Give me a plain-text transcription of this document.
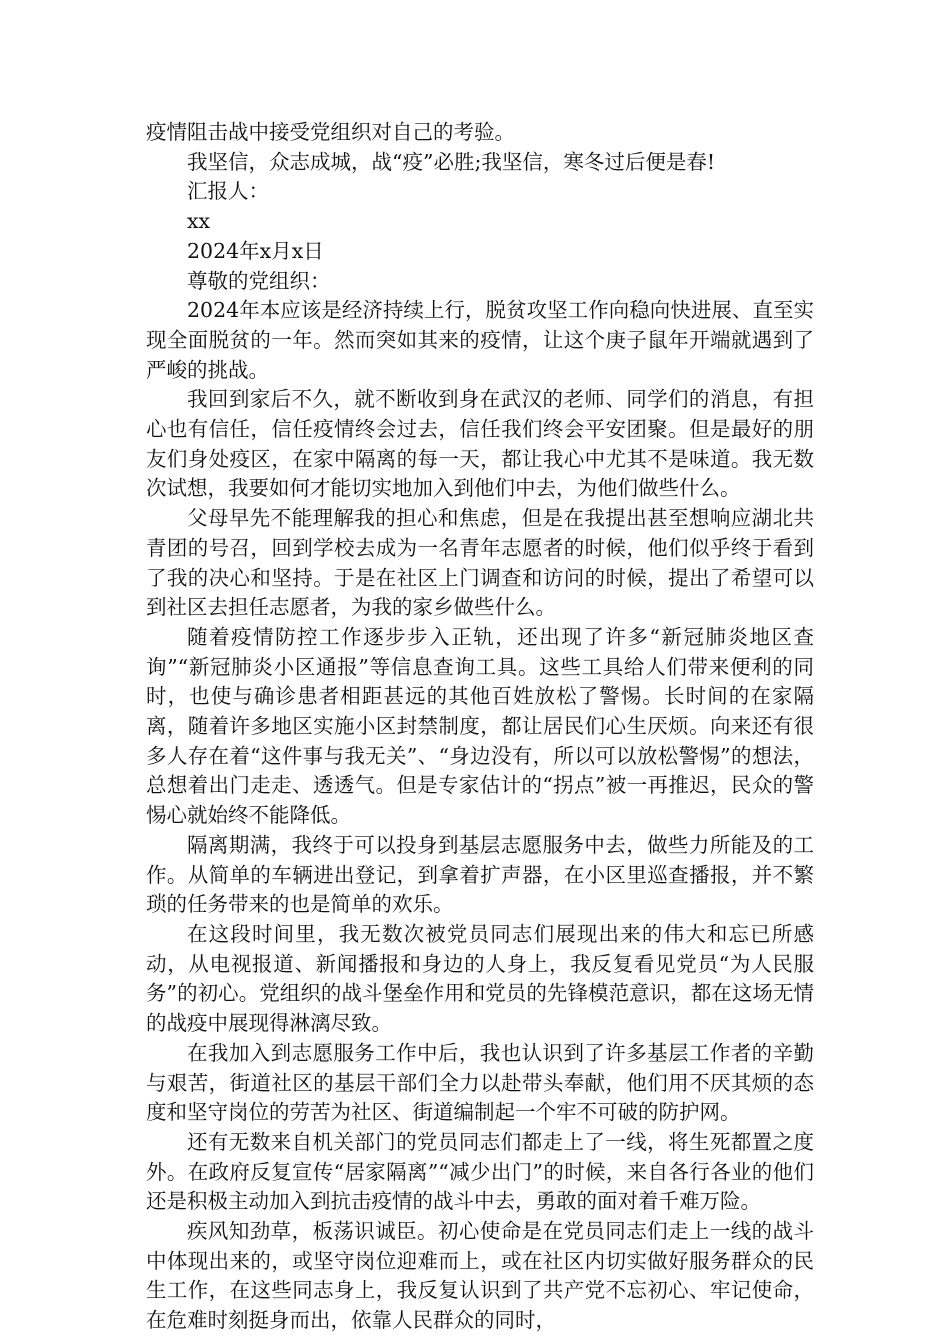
疫情阻击战中接受党组织对自己的考验。

我坚信，众志成城，战“疫”必胜;我坚信，寒冬过后便是春!

汇报人：

xx

2024年x月x日

尊敬的党组织：

2024年本应该是经济持续上行，脱贫攻坚工作向稳向快进展、直至实现全面脱贫的一年。然而突如其来的疫情，让这个庚子鼠年开端就遇到了严峻的挑战。

我回到家后不久，就不断收到身在武汉的老师、同学们的消息，有担心也有信任，信任疫情终会过去，信任我们终会平安团聚。但是最好的朋友们身处疫区，在家中隔离的每一天，都让我心中尤其不是味道。我无数次试想，我要如何才能切实地加入到他们中去，为他们做些什么。

父母早先不能理解我的担心和焦虑，但是在我提出甚至想响应湖北共青团的号召，回到学校去成为一名青年志愿者的时候，他们似乎终于看到了我的决心和坚持。于是在社区上门调查和访问的时候，提出了希望可以到社区去担任志愿者，为我的家乡做些什么。

随着疫情防控工作逐步步入正轨，还出现了许多“新冠肺炎地区查询”“新冠肺炎小区通报”等信息查询工具。这些工具给人们带来便利的同时，也使与确诊患者相距甚远的其他百姓放松了警惕。长时间的在家隔离，随着许多地区实施小区封禁制度，都让居民们心生厌烦。向来还有很多人存在着“这件事与我无关”、“身边没有，所以可以放松警惕”的想法，总想着出门走走、透透气。但是专家估计的“拐点”被一再推迟，民众的警惕心就始终不能降低。

隔离期满，我终于可以投身到基层志愿服务中去，做些力所能及的工作。从简单的车辆进出登记，到拿着扩声器，在小区里巡查播报，并不繁琐的任务带来的也是简单的欢乐。

在这段时间里，我无数次被党员同志们展现出来的伟大和忘已所感动，从电视报道、新闻播报和身边的人身上，我反复看见党员“为人民服务”的初心。党组织的战斗堡垒作用和党员的先锋模范意识，都在这场无情的战疫中展现得淋漓尽致。

在我加入到志愿服务工作中后，我也认识到了许多基层工作者的辛勤与艰苦，街道社区的基层干部们全力以赴带头奉献，他们用不厌其烦的态度和坚守岗位的劳苦为社区、街道编制起一个牢不可破的防护网。

还有无数来自机关部门的党员同志们都走上了一线，将生死都置之度外。在政府反复宣传“居家隔离”“减少出门”的时候，来自各行各业的他们还是积极主动加入到抗击疫情的战斗中去，勇敢的面对着千难万险。

疾风知劲草，板荡识诚臣。初心使命是在党员同志们走上一线的战斗中体现出来的，或坚守岗位迎难而上，或在社区内切实做好服务群众的民生工作，在这些同志身上，我反复认识到了共产党不忘初心、牢记使命，在危难时刻挺身而出，依靠人民群众的同时，
